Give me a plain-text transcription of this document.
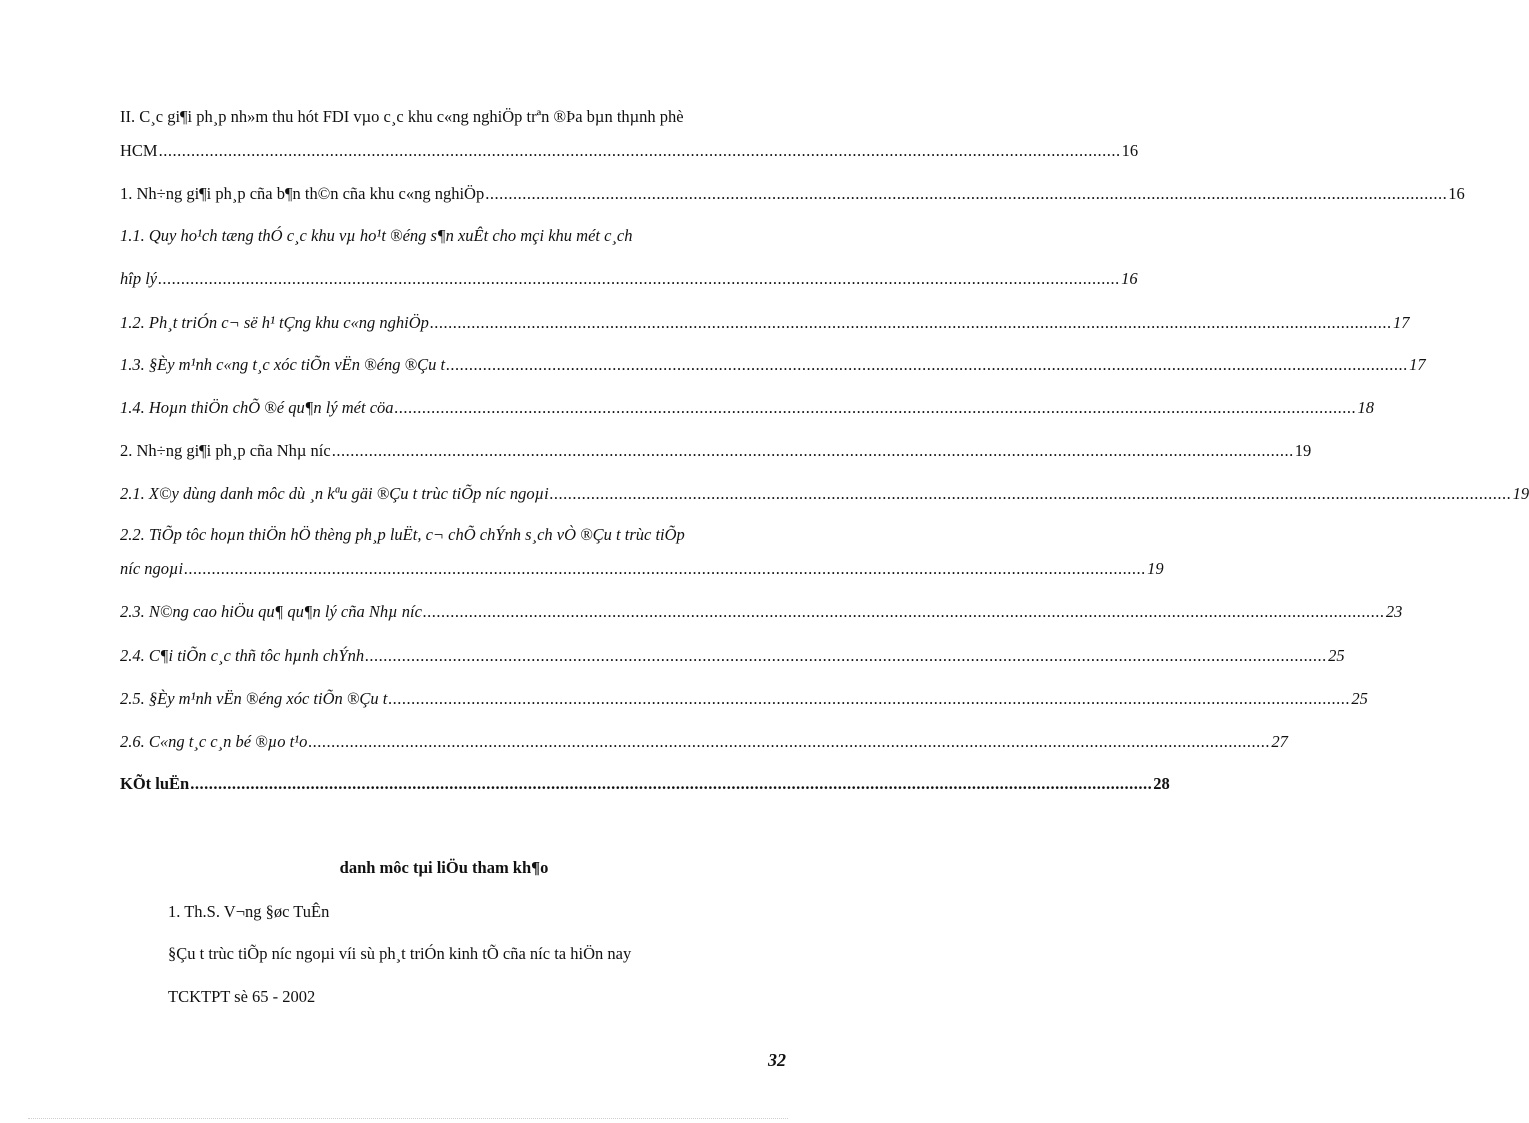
II. C¸c gi¶i ph¸p nh»m thu hót FDI vµo c¸c khu c«ng nghiÖp trªn ®Þa bµn thµnh phè
HCM ................................................................................................................................................................................................................ 16
1. Nh÷ng gi¶i ph¸p cña b¶n th©n cña khu c«ng nghiÖp ................................................................................................................................................................................................................ 16
1.1. Quy ho¹ch tæng thÓ c¸c khu vµ ho¹t ®éng s¶n xuÊt cho mçi khu mét c¸ch
hîp lý ................................................................................................................................................................................................................ 16
1.2. Ph¸t triÓn c¬ së h¹ tÇng khu c«ng nghiÖp ................................................................................................................................................................................................................ 17
1.3. §Èy m¹nh c«ng t¸c xóc tiÕn vËn ®éng ®Çu t ................................................................................................................................................................................................................ 17
1.4. Hoµn thiÖn chÕ ®é qu¶n lý mét cöa ................................................................................................................................................................................................................ 18
2. Nh÷ng gi¶i ph¸p cña Nhµ níc ................................................................................................................................................................................................................ 19
2.1. X©y dùng danh môc dù ¸n kªu gäi ®Çu t trùc tiÕp níc ngoµi ................................................................................................................................................................................................................ 19
2.2. TiÕp tôc hoµn thiÖn hÖ thèng ph¸p luËt, c¬ chÕ chÝnh s¸ch vÒ ®Çu t trùc tiÕp
níc ngoµi ................................................................................................................................................................................................................ 19
2.3. N©ng cao hiÖu qu¶ qu¶n lý cña Nhµ níc ................................................................................................................................................................................................................ 23
2.4. C¶i tiÕn c¸c thñ tôc hµnh chÝnh ................................................................................................................................................................................................................ 25
2.5. §Èy m¹nh vËn ®éng xóc tiÕn ®Çu t ................................................................................................................................................................................................................ 25
2.6. C«ng t¸c c¸n bé ®µo t¹o ................................................................................................................................................................................................................ 27
KÕt luËn ................................................................................................................................................................................................................ 28
danh môc tµi liÖu tham kh¶o
1. Th.S. V¬ng §øc TuÊn
§Çu t trùc tiÕp níc ngoµi víi sù ph¸t triÓn kinh tÕ cña níc ta hiÖn nay
TCKTPT sè 65 - 2002
32
